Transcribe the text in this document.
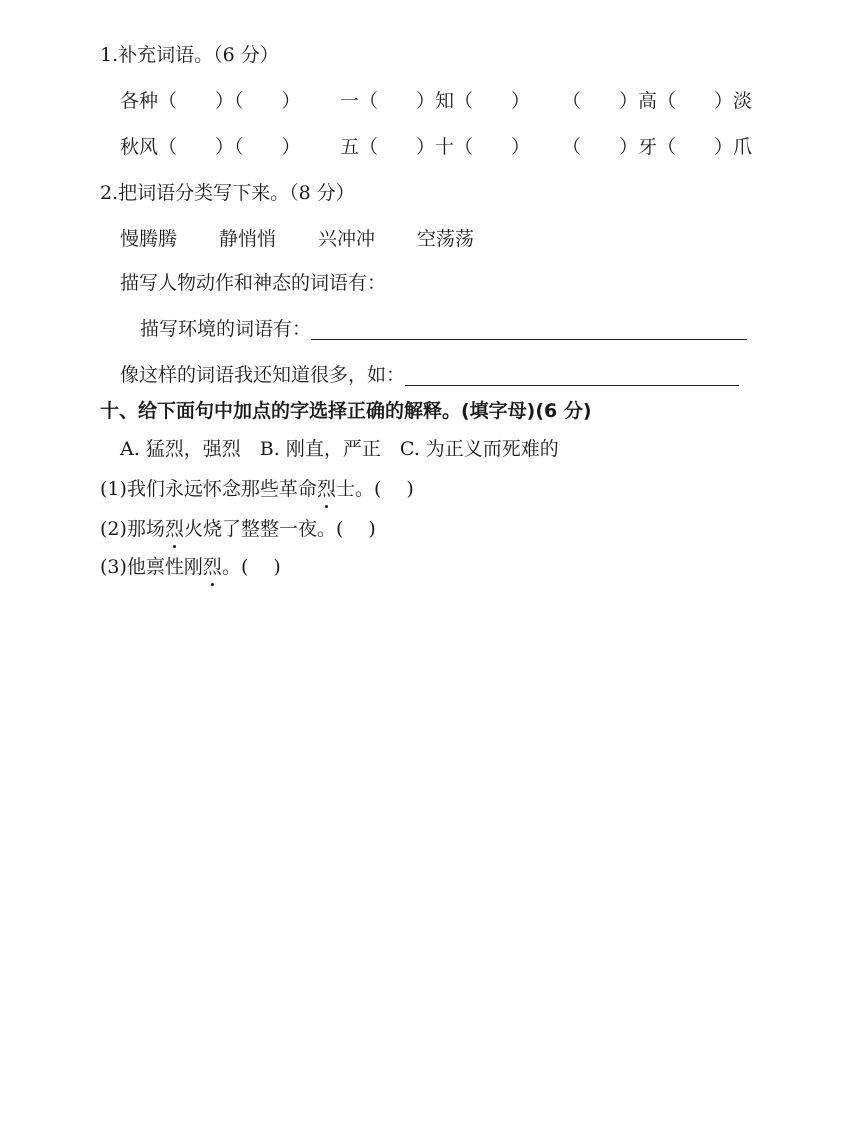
1.补充词语。（6 分）
各种（　　）（　　）	一（　　）知（　　）	（　　）高（　　）淡
秋风（　　）（　　）	五（　　）十（　　）	（　　）牙（　　）爪
2.把词语分类写下来。（8 分）
慢腾腾 静悄悄 兴冲冲 空荡荡
描写人物动作和神态的词语有：
描写环境的词语有：
像这样的词语我还知道很多，如：
十、给下面句中加点的字选择正确的解释。(填字母)(6 分)
A. 猛烈，强烈　B. 刚直，严正　C. 为正义而死难的
(1)我们永远怀念那些革命 烈 士。(　 )
(2)那场 烈 火烧了整整一夜。(　 )
(3)他禀性刚 烈 。(　 )
